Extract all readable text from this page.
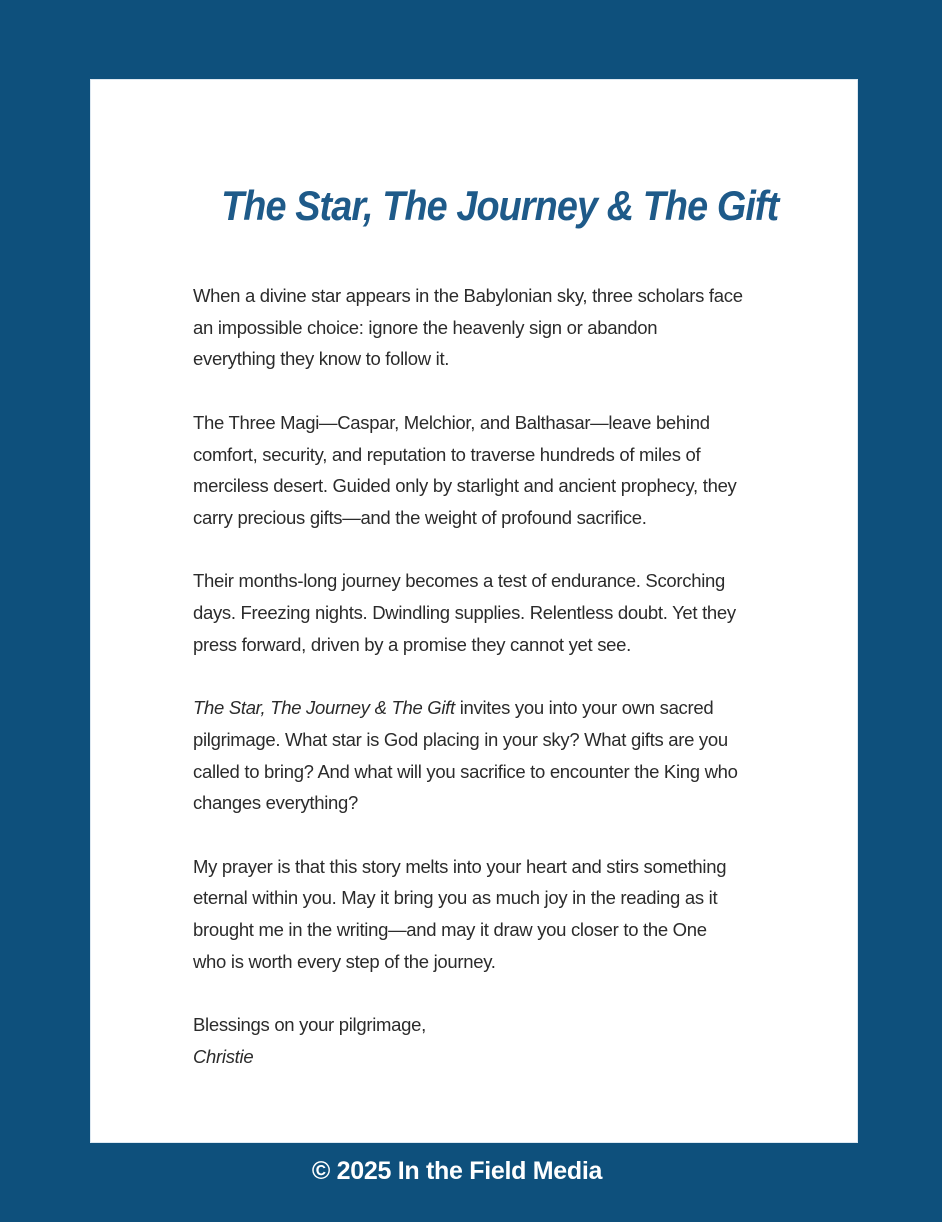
The Star, The Journey & The Gift

When a divine star appears in the Babylonian sky, three scholars face
an impossible choice: ignore the heavenly sign or abandon
everything they know to follow it.

The Three Magi—Caspar, Melchior, and Balthasar—leave behind
comfort, security, and reputation to traverse hundreds of miles of
merciless desert. Guided only by starlight and ancient prophecy, they
carry precious gifts—and the weight of profound sacrifice.

Their months-long journey becomes a test of endurance. Scorching
days. Freezing nights. Dwindling supplies. Relentless doubt. Yet they
press forward, driven by a promise they cannot yet see.

The Star, The Journey & The Gift invites you into your own sacred
pilgrimage. What star is God placing in your sky? What gifts are you
called to bring? And what will you sacrifice to encounter the King who
changes everything?

My prayer is that this story melts into your heart and stirs something
eternal within you. May it bring you as much joy in the reading as it
brought me in the writing—and may it draw you closer to the One
who is worth every step of the journey.

Blessings on your pilgrimage,
Christie

© 2025 In the Field Media
